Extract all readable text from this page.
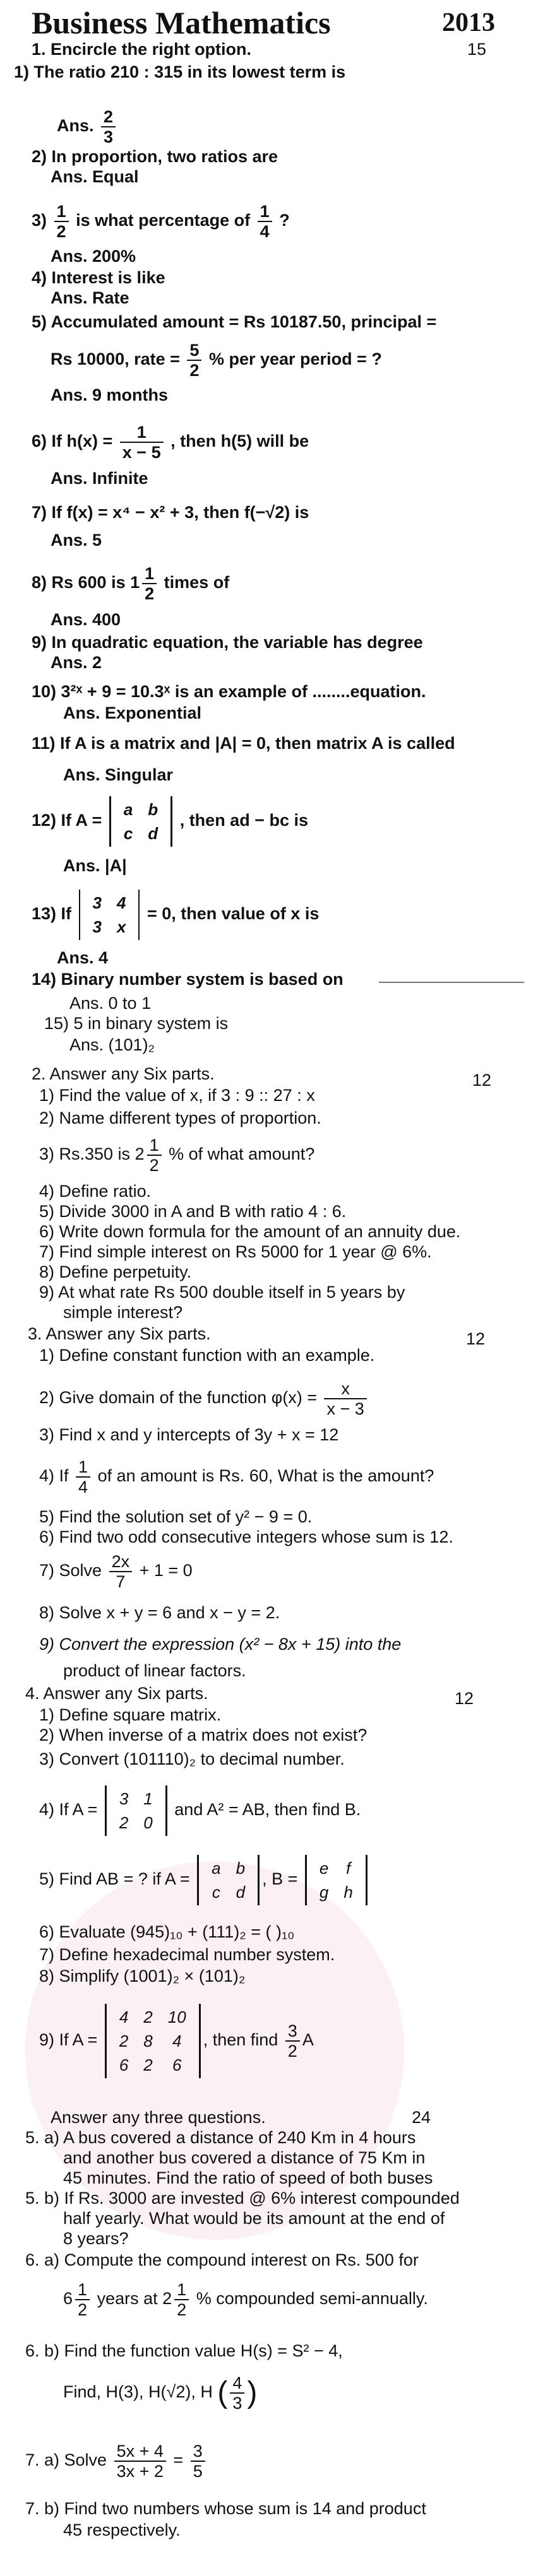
Business Mathematics	2013
15
1. Encircle the right option.
1) The ratio 210 : 315 in its lowest term is
Ans. $\frac{2}{3}$
2) In proportion, two ratios are
Ans. Equal
$3) \frac{1}{2}$ is what percentage of $\frac{1}{4}$ ?
Ans. 200%
4) Interest is like
Ans. Rate
5) Accumulated amount = Rs 10187.50, principal =
Rs 10000, rate = $\frac{5}{2}$ % per year period = ?
Ans. 9 months
6) If $h(x) = \frac{1}{x - 5}$ , then h(5) will be
Ans. Infinite
7) If f(x) = x⁴ − x² + 3, then f(−√2) is
Ans. 5
8) Rs 600 is $1 \frac{1}{2}$ times of
Ans. 400
9) In quadratic equation, the variable has degree
Ans. 2
10) 3²ˣ + 9 = 10.3ˣ is an example of ........equation.
Ans. Exponential
11) If A is a matrix and |A| = 0, then matrix A is called
Ans. Singular
12) If A =
a	b
c	d
, then ad − bc is
Ans. |A|
13) If
3	4
3	x
= 0, then value of x is
Ans. 4
14) Binary number system is based on
Ans. 0 to 1
15) 5 in binary system is
Ans. (101)₂
2. Answer any Six parts.	12
1) Find the value of x, if 3 : 9 :: 27 : x
2) Name different types of proportion.
3) Rs.350 is $2 \frac{1}{2}$ % of what amount?
4) Define ratio.
5) Divide 3000 in A and B with ratio 4 : 6.
6) Write down formula for the amount of an annuity due.
7) Find simple interest on Rs 5000 for 1 year @ 6%.
8) Define perpetuity.
9) At what rate Rs 500 double itself in 5 years by
simple interest?
3. Answer any Six parts.	12
1) Define constant function with an example.
2) Give domain of the function $\varphi(x) = \frac{x}{x - 3}$
3) Find x and y intercepts of 3y + x = 12
4) If $\frac{1}{4}$ of an amount is Rs. 60, What is the amount?
5) Find the solution set of y² − 9 = 0.
6) Find two odd consecutive integers whose sum is 12.
7) Solve $\frac{2x}{7} + 1 = 0$
8) Solve x + y = 6 and x − y = 2.
9) Convert the expression (x² − 8x + 15) into the
product of linear factors.
4. Answer any Six parts.	12
1) Define square matrix.
2) When inverse of a matrix does not exist?
3) Convert (101110)₂ to decimal number.
4) If A =
3	1
2	0
and A² = AB, then find B.
5) Find AB = ? if A =
a	b
c	d
, B =
e	f
g	h
6) Evaluate (945)₁₀ + (111)₂ = ( )₁₀
7) Define hexadecimal number system.
8) Simplify (1001)₂ × (101)₂
9) If A =
4	2	10
2	8	4
6	2	6
, then find $\frac{3}{2}$ A
Answer any three questions.	24
5. a) A bus covered a distance of 240 Km in 4 hours
and another bus covered a distance of 75 Km in
45 minutes. Find the ratio of speed of both buses
5. b) If Rs. 3000 are invested @ 6% interest compounded
half yearly. What would be its amount at the end of
8 years?
6. a) Compute the compound interest on Rs. 500 for
$6 \frac{1}{2}$ years at $2 \frac{1}{2}$ % compounded semi-annually.
6. b) Find the function value H(s) = S² − 4,
Find, H(3), H(√2), H ( $\frac{4}{3}$ )
7. a) Solve $\frac{5x + 4}{3x + 2} = \frac{3}{5}$
7. b) Find two numbers whose sum is 14 and product
45 respectively.
